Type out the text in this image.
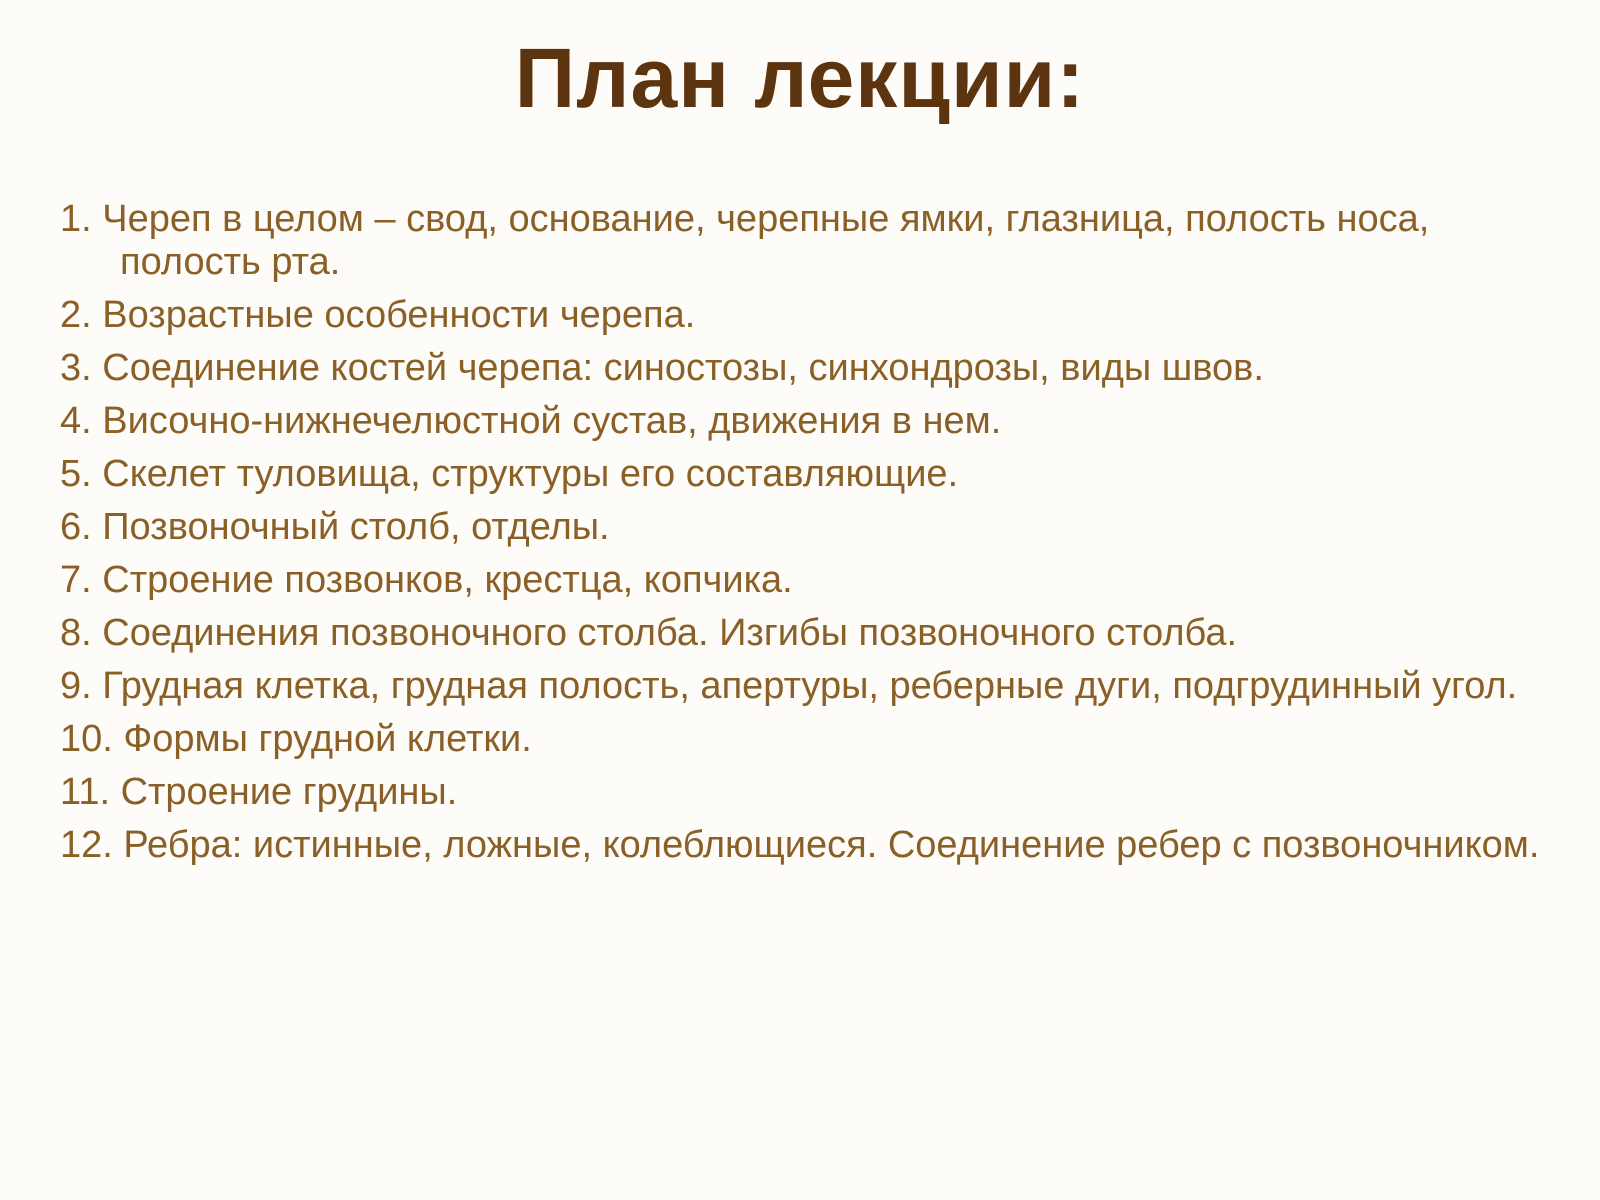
План лекции:
1. Череп в целом – свод, основание, черепные ямки, глазница, полость носа, полость рта.
2. Возрастные особенности черепа.
3. Соединение костей черепа: синостозы, синхондрозы, виды швов.
4. Височно-нижнечелюстной сустав, движения в нем.
5. Скелет туловища, структуры его составляющие.
6. Позвоночный столб, отделы.
7. Строение позвонков, крестца, копчика.
8. Соединения позвоночного столба. Изгибы позвоночного столба.
9. Грудная клетка, грудная полость, апертуры, реберные дуги, подгрудинный угол.
10. Формы грудной клетки.
11. Строение грудины.
12. Ребра: истинные, ложные, колеблющиеся. Соединение ребер с позвоночником.
